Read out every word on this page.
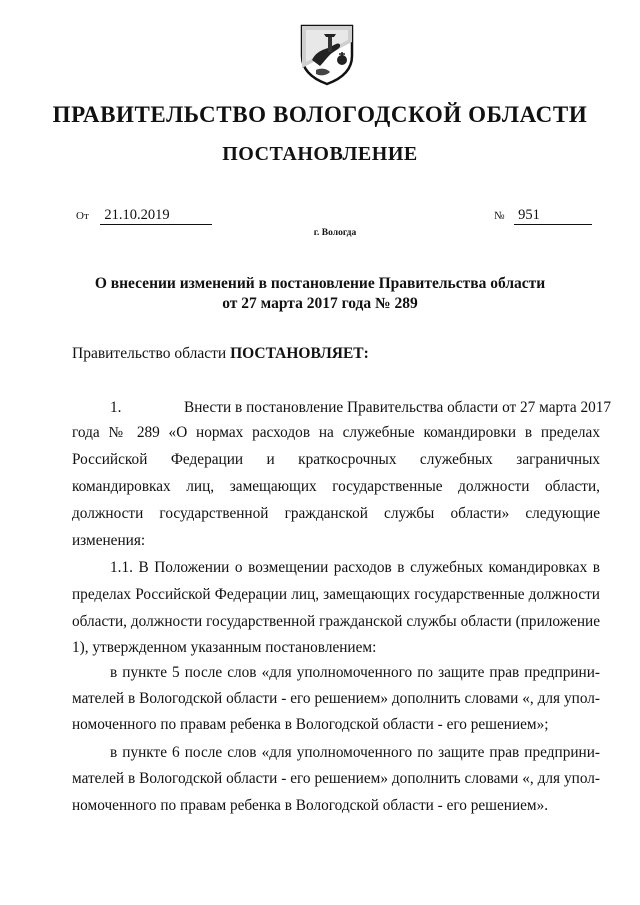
ПРАВИТЕЛЬСТВО ВОЛОГОДСКОЙ ОБЛАСТИ
ПОСТАНОВЛЕНИЕ
От 21.10.2019	№ 951
г. Вологда
О внесении изменений в постановление Правительства области
от 27 марта 2017 года № 289
Правительство области ПОСТАНОВЛЯЕТ:
1.	Внести в постановление Правительства области от 27 марта 2017
года № 289 «О нормах расходов на служебные командировки в пределах
Российской Федерации и краткосрочных служебных заграничных
командировках лиц, замещающих государственные должности области,
должности государственной гражданской службы области» следующие
изменения:
1.1. В Положении о возмещении расходов в служебных командировках в
пределах Российской Федерации лиц, замещающих государственные должности
области, должности государственной гражданской службы области (приложение
1), утвержденном указанным постановлением:
в пункте 5 после слов «для уполномоченного по защите прав предприни-
мателей в Вологодской области - его решением» дополнить словами «, для упол-
номоченного по правам ребенка в Вологодской области - его решением»;
в пункте 6 после слов «для уполномоченного по защите прав предприни-
мателей в Вологодской области - его решением» дополнить словами «, для упол-
номоченного по правам ребенка в Вологодской области - его решением».
